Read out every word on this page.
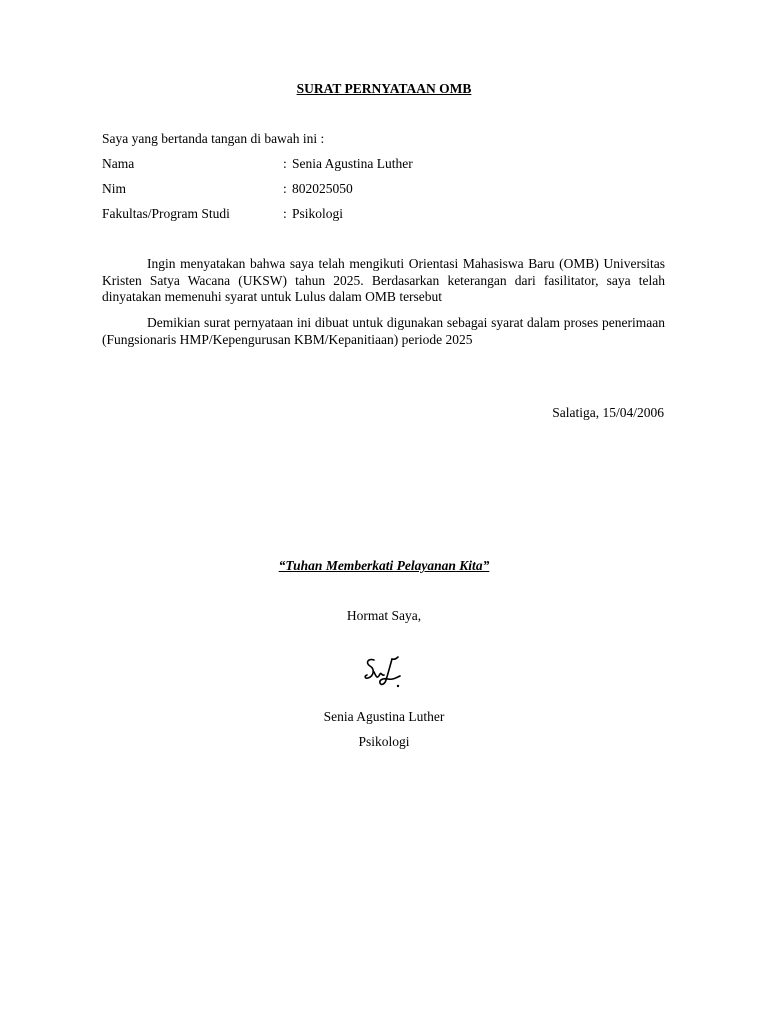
SURAT PERNYATAAN OMB
Saya yang bertanda tangan di bawah ini :
Nama	: Senia Agustina Luther
Nim	: 802025050
Fakultas/Program Studi	: Psikologi
Ingin menyatakan bahwa saya telah mengikuti Orientasi Mahasiswa Baru (OMB) Universitas Kristen Satya Wacana (UKSW) tahun 2025. Berdasarkan keterangan dari fasilitator, saya telah dinyatakan memenuhi syarat untuk Lulus dalam OMB tersebut
Demikian surat pernyataan ini dibuat untuk digunakan sebagai syarat dalam proses penerimaan (Fungsionaris HMP/Kepengurusan KBM/Kepanitiaan) periode 2025
Salatiga, 15/04/2006
“Tuhan Memberkati Pelayanan Kita”
Hormat Saya,
Senia Agustina Luther
Psikologi
